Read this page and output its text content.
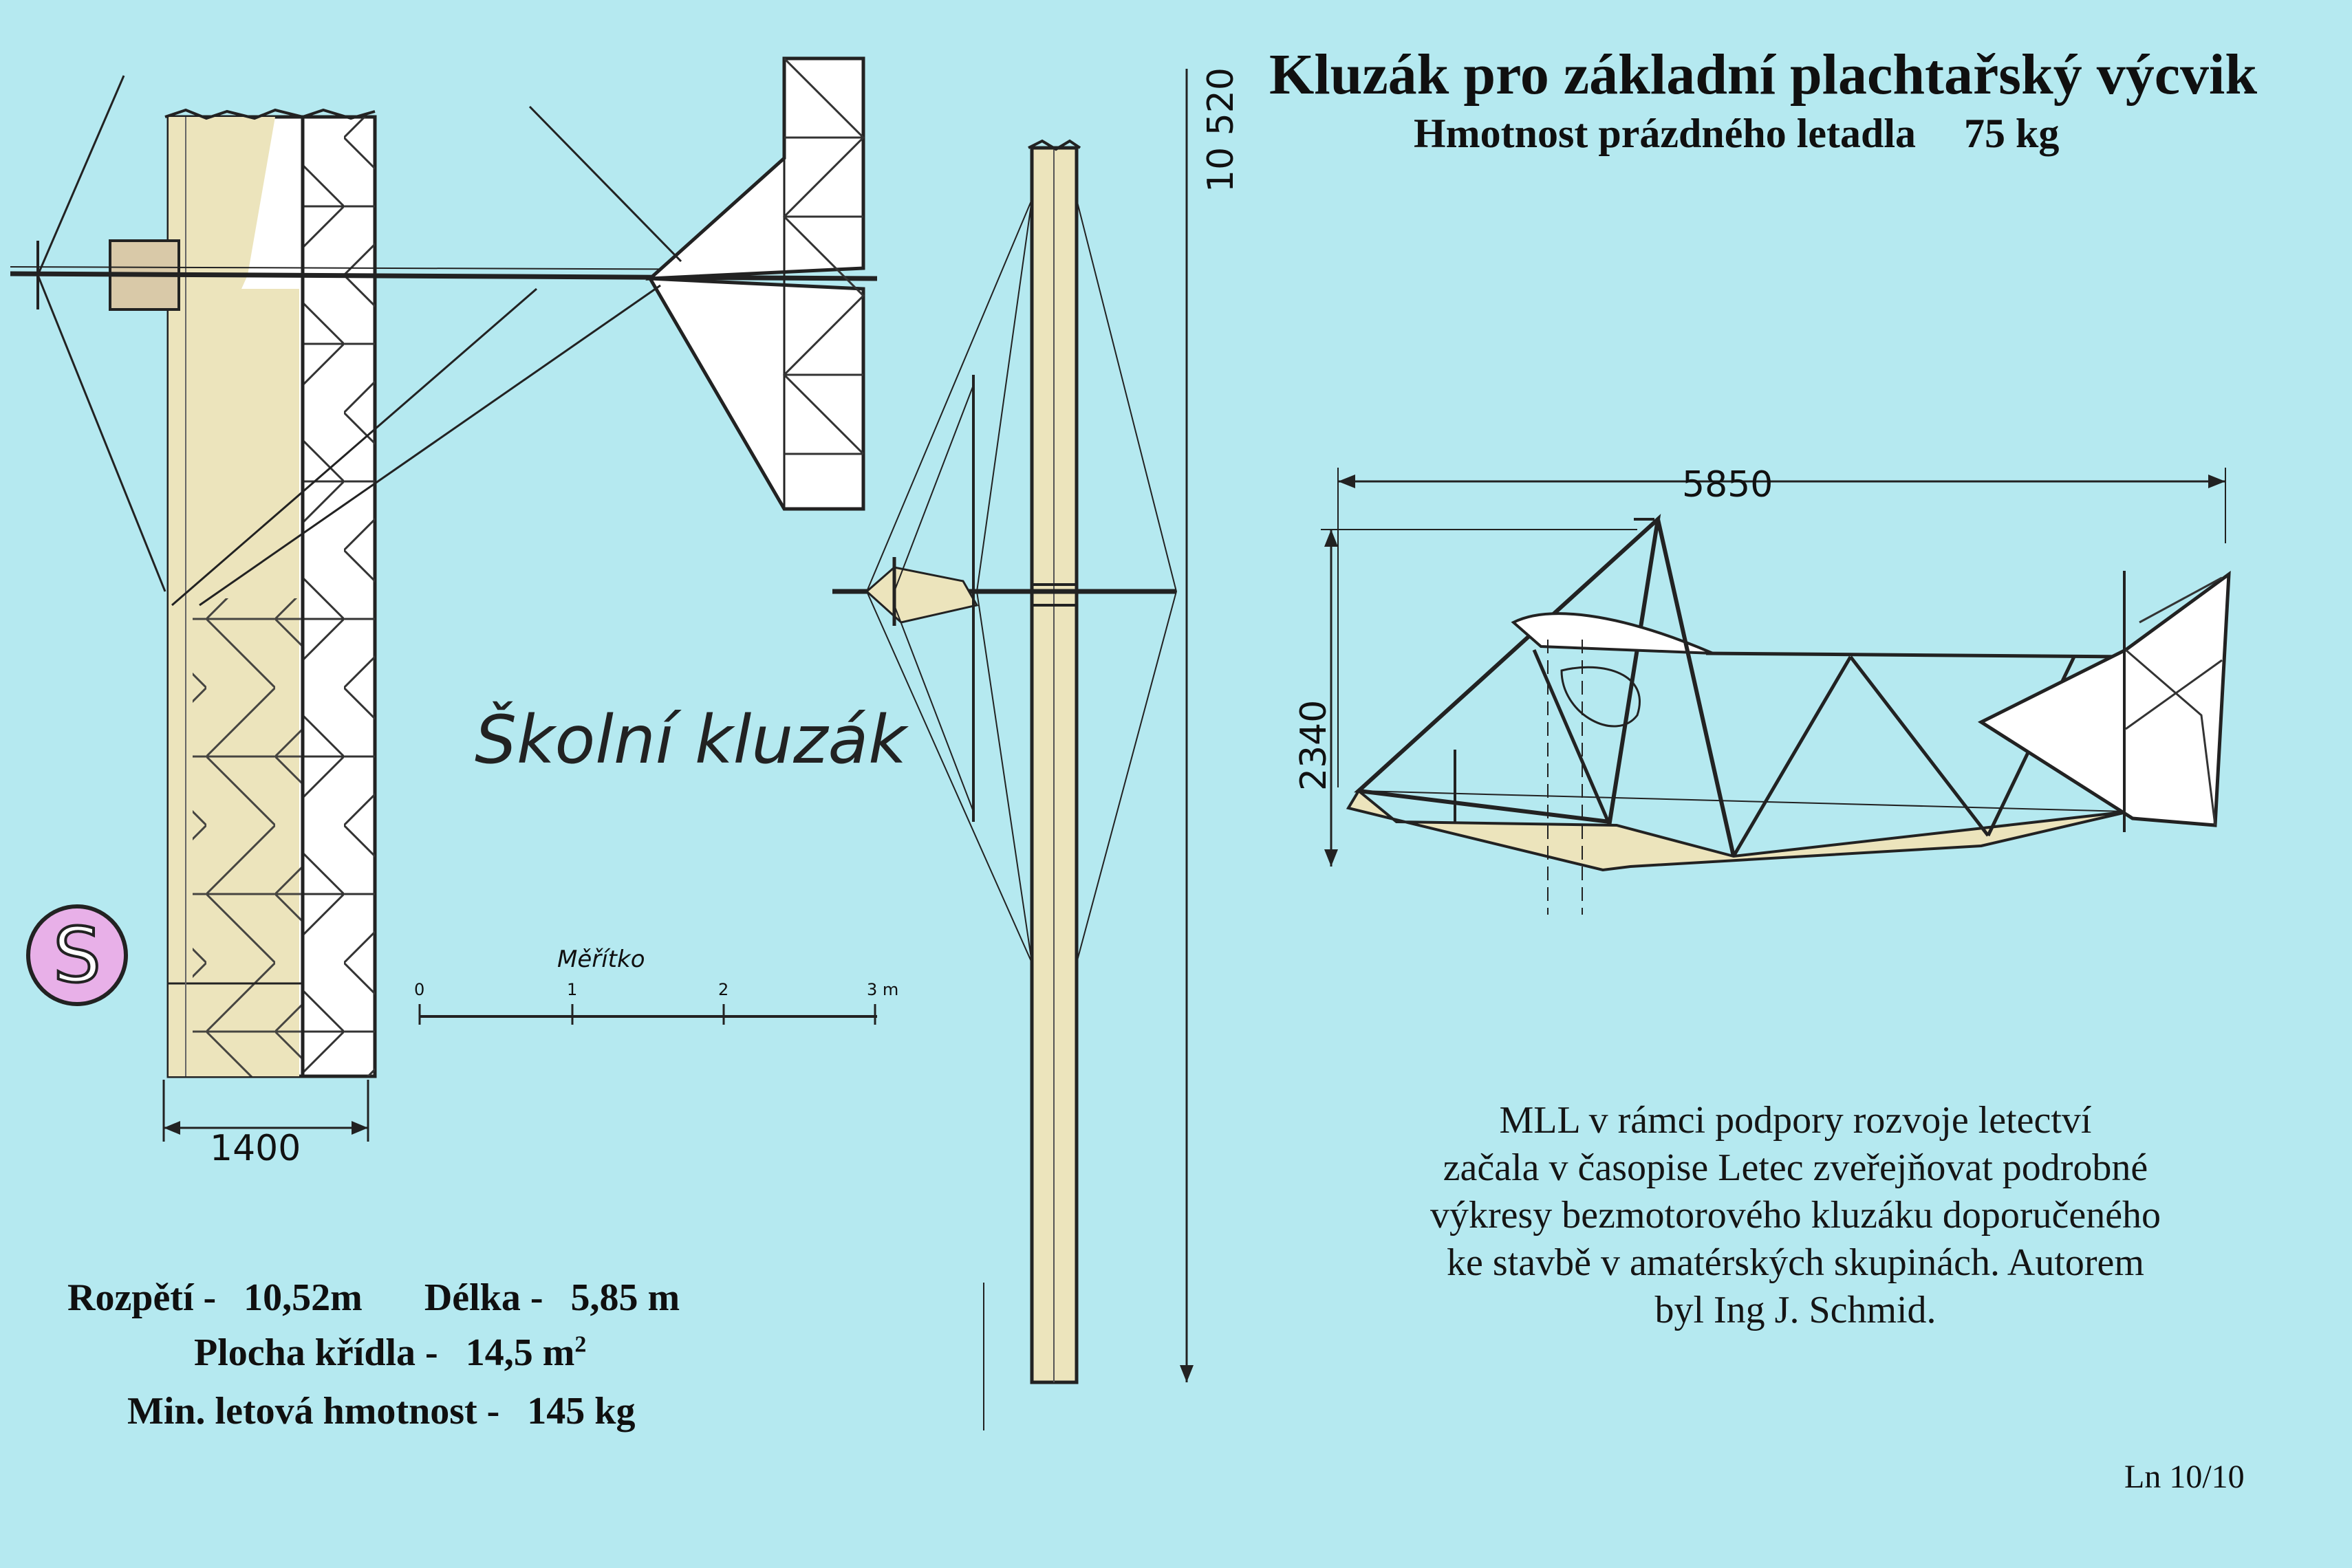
Kluzák pro základní plachtařský výcvik
Hmotnost prázdného letadla 75 kg
Školní kluzák
1400
10 520
5850
2340
Měřítko
0	1	2	3 m
S
Rozpětí - 10,52m Délka - 5,85 m
Plocha křídla - 14,5 $m^2$
Min. letová hmotnost - 145 kg
MLL v rámci podpory rozvoje letectví
začala v časopise Letec zveřejňovat podrobné
výkresy bezmotorového kluzáku doporučeného
ke stavbě v amatérských skupinách. Autorem
byl Ing J. Schmid.
Ln 10/10
